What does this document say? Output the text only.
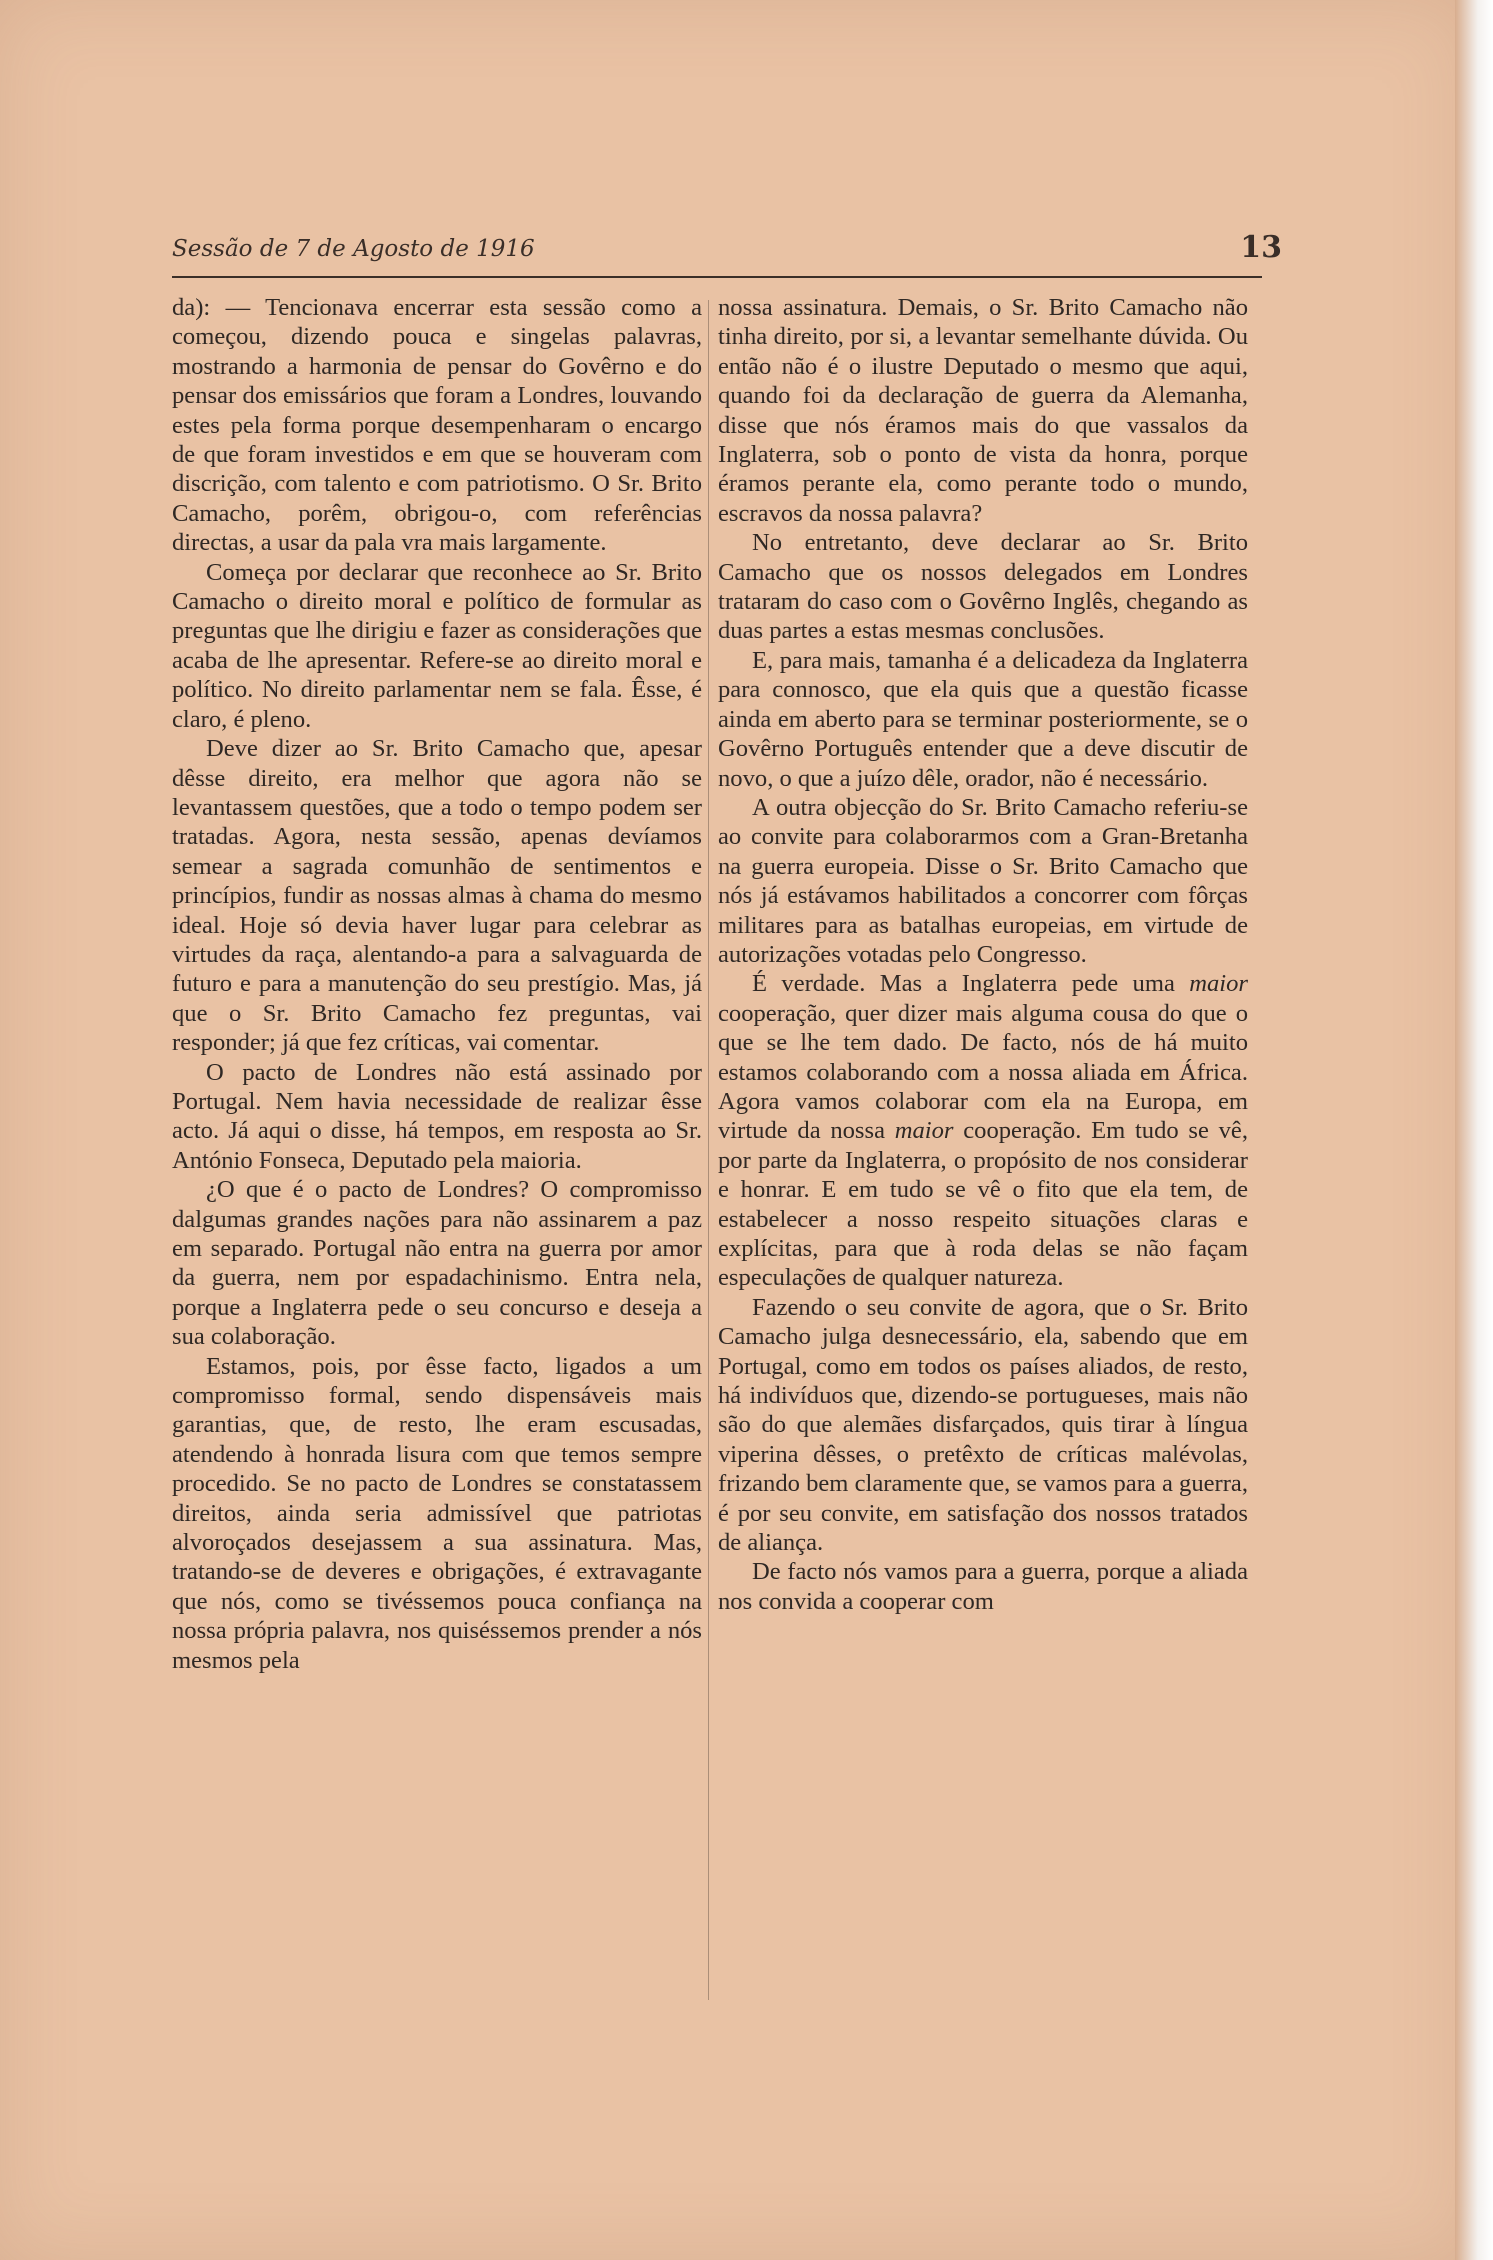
Sessão de 7 de Agosto de 1916	13

da): — Tencionava encerrar esta sessão como a começou, dizendo pouca e singelas palavras, mostrando a harmonia de pensar do Govêrno e do pensar dos emissários que foram a Londres, louvando estes pela forma porque desempenharam o encargo de que foram investidos e em que se houveram com discrição, com talento e com patriotismo. O Sr. Brito Camacho, porêm, obrigou-o, com referências directas, a usar da pala vra mais largamente.

Começa por declarar que reconhece ao Sr. Brito Camacho o direito moral e político de formular as preguntas que lhe dirigiu e fazer as considerações que acaba de lhe apresentar. Refere-se ao direito moral e político. No direito parlamentar nem se fala. Êsse, é claro, é pleno.

Deve dizer ao Sr. Brito Camacho que, apesar dêsse direito, era melhor que agora não se levantassem questões, que a todo o tempo podem ser tratadas. Agora, nesta sessão, apenas devíamos semear a sagrada comunhão de sentimentos e princípios, fundir as nossas almas à chama do mesmo ideal. Hoje só devia haver lugar para celebrar as virtudes da raça, alentando-a para a salvaguarda de futuro e para a manutenção do seu prestígio. Mas, já que o Sr. Brito Camacho fez preguntas, vai responder; já que fez críticas, vai comentar.

O pacto de Londres não está assinado por Portugal. Nem havia necessidade de realizar êsse acto. Já aqui o disse, há tempos, em resposta ao Sr. António Fonseca, Deputado pela maioria.

¿O que é o pacto de Londres? O compromisso dalgumas grandes nações para não assinarem a paz em separado. Portugal não entra na guerra por amor da guerra, nem por espadachinismo. Entra nela, porque a Inglaterra pede o seu concurso e deseja a sua colaboração.

Estamos, pois, por êsse facto, ligados a um compromisso formal, sendo dispensáveis mais garantias, que, de resto, lhe eram escusadas, atendendo à honrada lisura com que temos sempre procedido. Se no pacto de Londres se constatassem direitos, ainda seria admissível que patriotas alvoroçados desejassem a sua assinatura. Mas, tratando-se de deveres e obrigações, é extravagante que nós, como se tivéssemos pouca confiança na nossa própria palavra, nos quiséssemos prender a nós mesmos pela

nossa assinatura. Demais, o Sr. Brito Camacho não tinha direito, por si, a levantar semelhante dúvida. Ou então não é o ilustre Deputado o mesmo que aqui, quando foi da declaração de guerra da Alemanha, disse que nós éramos mais do que vassalos da Inglaterra, sob o ponto de vista da honra, porque éramos perante ela, como perante todo o mundo, escravos da nossa palavra?

No entretanto, deve declarar ao Sr. Brito Camacho que os nossos delegados em Londres trataram do caso com o Govêrno Inglês, chegando as duas partes a estas mesmas conclusões.

E, para mais, tamanha é a delicadeza da Inglaterra para connosco, que ela quis que a questão ficasse ainda em aberto para se terminar posteriormente, se o Govêrno Português entender que a deve discutir de novo, o que a juízo dêle, orador, não é necessário.

A outra objecção do Sr. Brito Camacho referiu-se ao convite para colaborarmos com a Gran-Bretanha na guerra europeia. Disse o Sr. Brito Camacho que nós já estávamos habilitados a concorrer com fôrças militares para as batalhas europeias, em virtude de autorizações votadas pelo Congresso.

É verdade. Mas a Inglaterra pede uma maior cooperação, quer dizer mais alguma cousa do que o que se lhe tem dado. De facto, nós de há muito estamos colaborando com a nossa aliada em África. Agora vamos colaborar com ela na Europa, em virtude da nossa maior cooperação. Em tudo se vê, por parte da Inglaterra, o propósito de nos considerar e honrar. E em tudo se vê o fito que ela tem, de estabelecer a nosso respeito situações claras e explícitas, para que à roda delas se não façam especulações de qualquer natureza.

Fazendo o seu convite de agora, que o Sr. Brito Camacho julga desnecessário, ela, sabendo que em Portugal, como em todos os países aliados, de resto, há indivíduos que, dizendo-se portugueses, mais não são do que alemães disfarçados, quis tirar à língua viperina dêsses, o pretêxto de críticas malévolas, frizando bem claramente que, se vamos para a guerra, é por seu convite, em satisfação dos nossos tratados de aliança.

De facto nós vamos para a guerra, porque a aliada nos convida a cooperar com
